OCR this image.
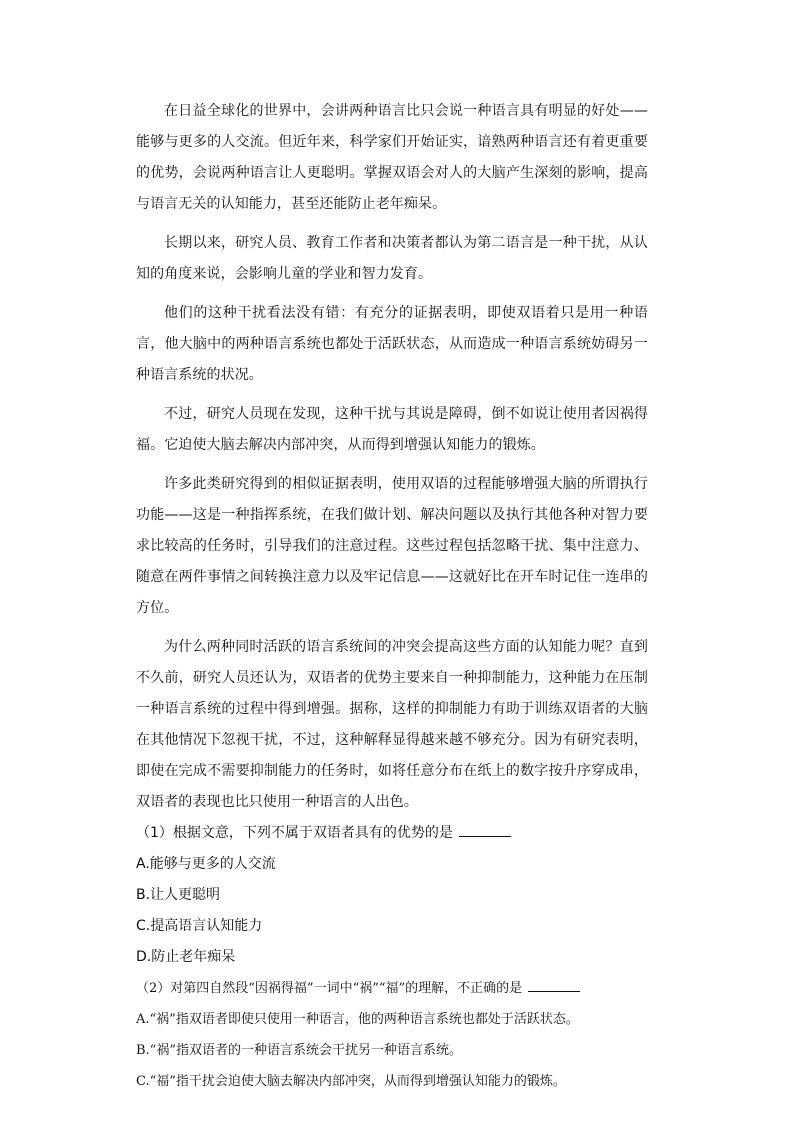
在日益全球化的世界中，会讲两种语言比只会说一种语言具有明显的好处——能够与更多的人交流。但近年来，科学家们开始证实，谙熟两种语言还有着更重要的优势，会说两种语言让人更聪明。掌握双语会对人的大脑产生深刻的影响，提高与语言无关的认知能力，甚至还能防止老年痴呆。

长期以来，研究人员、教育工作者和决策者都认为第二语言是一种干扰，从认知的角度来说，会影响儿童的学业和智力发育。

他们的这种干扰看法没有错：有充分的证据表明，即使双语着只是用一种语言，他大脑中的两种语言系统也都处于活跃状态，从而造成一种语言系统妨碍另一种语言系统的状况。

不过，研究人员现在发现，这种干扰与其说是障碍，倒不如说让使用者因祸得福。它迫使大脑去解决内部冲突，从而得到增强认知能力的锻炼。

许多此类研究得到的相似证据表明，使用双语的过程能够增强大脑的所谓执行功能——这是一种指挥系统，在我们做计划、解决问题以及执行其他各种对智力要求比较高的任务时，引导我们的注意过程。这些过程包括忽略干扰、集中注意力、随意在两件事情之间转换注意力以及牢记信息——这就好比在开车时记住一连串的方位。

为什么两种同时活跃的语言系统间的冲突会提高这些方面的认知能力呢？直到不久前，研究人员还认为，双语者的优势主要来自一种抑制能力，这种能力在压制一种语言系统的过程中得到增强。据称，这样的抑制能力有助于训练双语者的大脑在其他情况下忽视干扰，不过，这种解释显得越来越不够充分。因为有研究表明，即使在完成不需要抑制能力的任务时，如将任意分布在纸上的数字按升序穿成串，双语者的表现也比只使用一种语言的人出色。

（1）根据文意，下列不属于双语者具有的优势的是
A.能够与更多的人交流
B.让人更聪明
C.提高语言认知能力
D.防止老年痴呆
（2）对第四自然段“因祸得福”一词中“祸”“福”的理解，不正确的是
A.“祸”指双语者即使只使用一种语言，他的两种语言系统也都处于活跃状态。
B.“祸”指双语者的一种语言系统会干扰另一种语言系统。
C.“福”指干扰会迫使大脑去解决内部冲突，从而得到增强认知能力的锻炼。
